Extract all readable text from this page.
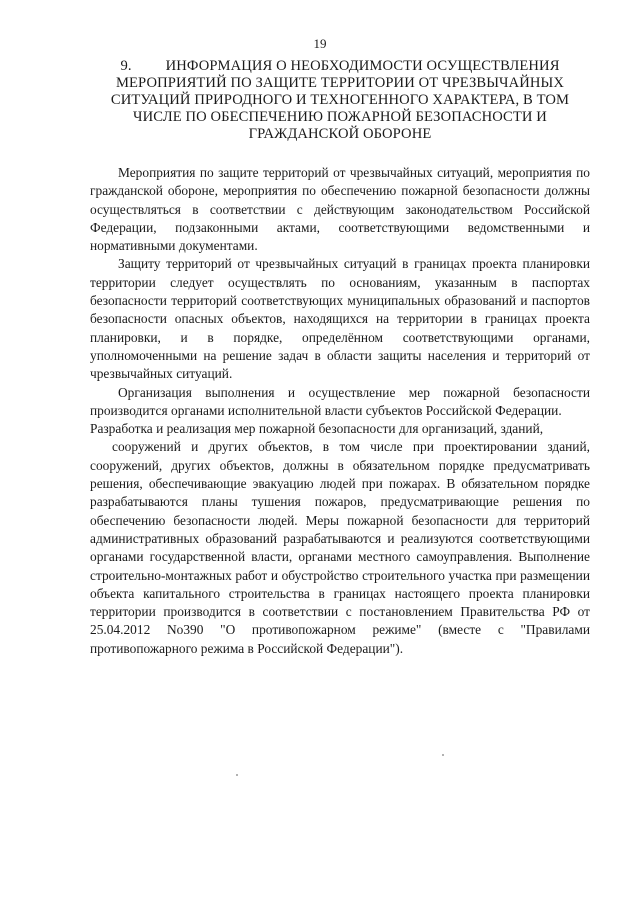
19
9. ИНФОРМАЦИЯ О НЕОБХОДИМОСТИ ОСУЩЕСТВЛЕНИЯ
МЕРОПРИЯТИЙ ПО ЗАЩИТЕ ТЕРРИТОРИИ ОТ ЧРЕЗВЫЧАЙНЫХ СИТУАЦИЙ ПРИРОДНОГО И ТЕХНОГЕННОГО ХАРАКТЕРА, В ТОМ ЧИСЛЕ ПО ОБЕСПЕЧЕНИЮ ПОЖАРНОЙ БЕЗОПАСНОСТИ И ГРАЖДАНСКОЙ ОБОРОНЕ

Мероприятия по защите территорий от чрезвычайных ситуаций, мероприятия по гражданской обороне, мероприятия по обеспечению пожарной безопасности должны осуществляться в соответствии с действующим законодательством Российской Федерации, подзаконными актами, соответствующими ведомственными и нормативными документами.

Защиту территорий от чрезвычайных ситуаций в границах проекта планировки территории следует осуществлять по основаниям, указанным в паспортах безопасности территорий соответствующих муниципальных образований и паспортов безопасности опасных объектов, находящихся на территории в границах проекта планировки, и в порядке, определённом соответствующими органами, уполномоченными на решение задач в области защиты населения и территорий от чрезвычайных ситуаций.

Организация выполнения и осуществление мер пожарной безопасности производится органами исполнительной власти субъектов Российской Федерации.

Разработка и реализация мер пожарной безопасности для организаций, зданий,

сооружений и других объектов, в том числе при проектировании зданий, сооружений, других объектов, должны в обязательном порядке предусматривать решения, обеспечивающие эвакуацию людей при пожарах. В обязательном порядке разрабатываются планы тушения пожаров, предусматривающие решения по обеспечению безопасности людей. Меры пожарной безопасности для территорий административных образований разрабатываются и реализуются соответствующими органами государственной власти, органами местного самоуправления. Выполнение строительно-монтажных работ и обустройство строительного участка при размещении объекта капитального строительства в границах настоящего проекта планировки территории производится в соответствии с постановлением Правительства РФ от 25.04.2012 No390 "О противопожарном режиме" (вместе с "Правилами противопожарного режима в Российской Федерации").
